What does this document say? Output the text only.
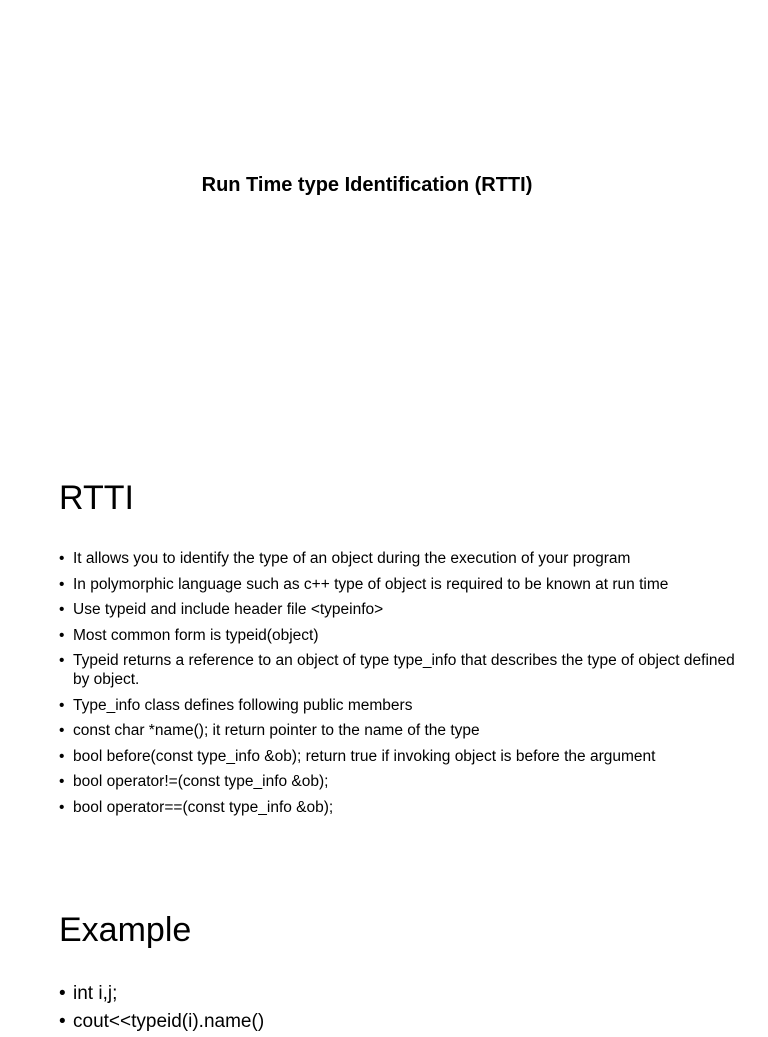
Run Time type Identification (RTTI)
RTTI
• It allows you to identify the type of an object during the execution of your program
• In polymorphic language such as c++ type of object is required to be known at run time
• Use typeid and include header file <typeinfo>
• Most common form is typeid(object)
• Typeid returns a reference to an object of type type_info that describes the type of object defined by object.
• Type_info class defines following public members
• const char *name(); it return pointer to the name of the type
• bool before(const type_info &ob); return true if invoking object is before the argument
• bool operator!=(const type_info &ob);
• bool operator==(const type_info &ob);
Example
• int i,j;
• cout<<typeid(i).name()
